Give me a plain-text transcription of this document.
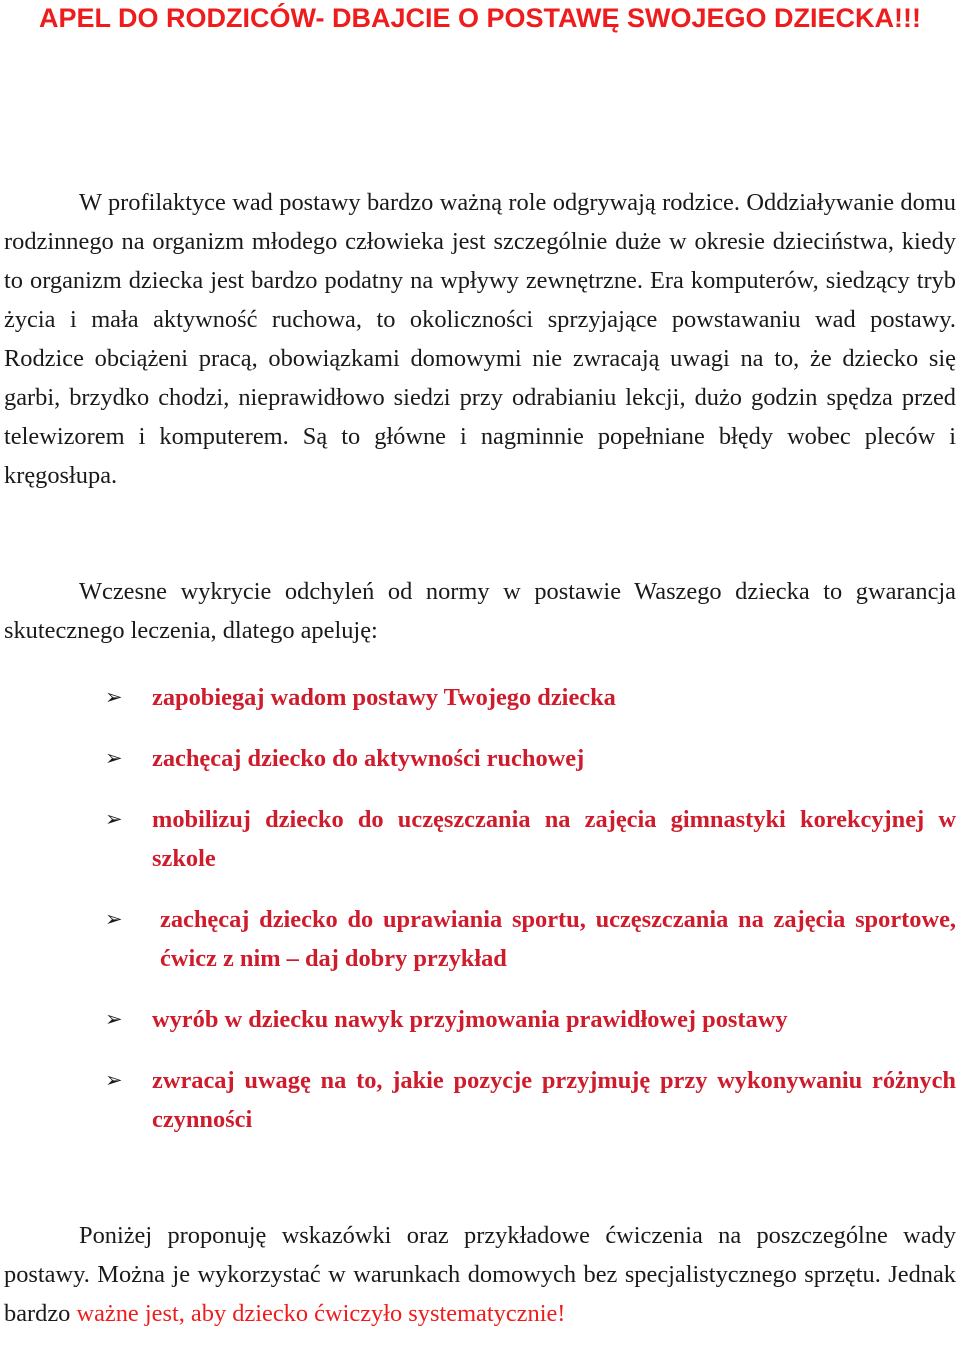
APEL DO RODZICÓW- DBAJCIE O POSTAWĘ SWOJEGO DZIECKA!!!

W profilaktyce wad postawy bardzo ważną role odgrywają rodzice. Oddziaływanie domu rodzinnego na organizm młodego człowieka jest szczególnie duże w okresie dzieciństwa, kiedy to organizm dziecka jest bardzo podatny na wpływy zewnętrzne. Era komputerów, siedzący tryb życia i mała aktywność ruchowa, to okoliczności sprzyjające powstawaniu wad postawy. Rodzice obciążeni pracą, obowiązkami domowymi nie zwracają uwagi na to, że dziecko się garbi, brzydko chodzi, nieprawidłowo siedzi przy odrabianiu lekcji, dużo godzin spędza przed telewizorem i komputerem. Są to główne i nagminnie popełniane błędy wobec pleców i kręgosłupa.

Wczesne wykrycie odchyleń od normy w postawie Waszego dziecka to gwarancja skutecznego leczenia, dlatego apeluję:

➢ zapobiegaj wadom postawy Twojego dziecka

➢ zachęcaj dziecko do aktywności ruchowej

➢ mobilizuj dziecko do uczęszczania na zajęcia gimnastyki korekcyjnej w szkole

➢ zachęcaj dziecko do uprawiania sportu, uczęszczania na zajęcia sportowe, ćwicz z nim – daj dobry przykład

➢ wyrób w dziecku nawyk przyjmowania prawidłowej postawy

➢ zwracaj uwagę na to, jakie pozycje przyjmuję przy wykonywaniu różnych czynności

Poniżej proponuję wskazówki oraz przykładowe ćwiczenia na poszczególne wady postawy. Można je wykorzystać w warunkach domowych bez specjalistycznego sprzętu. Jednak bardzo ważne jest, aby dziecko ćwiczyło systematycznie!
